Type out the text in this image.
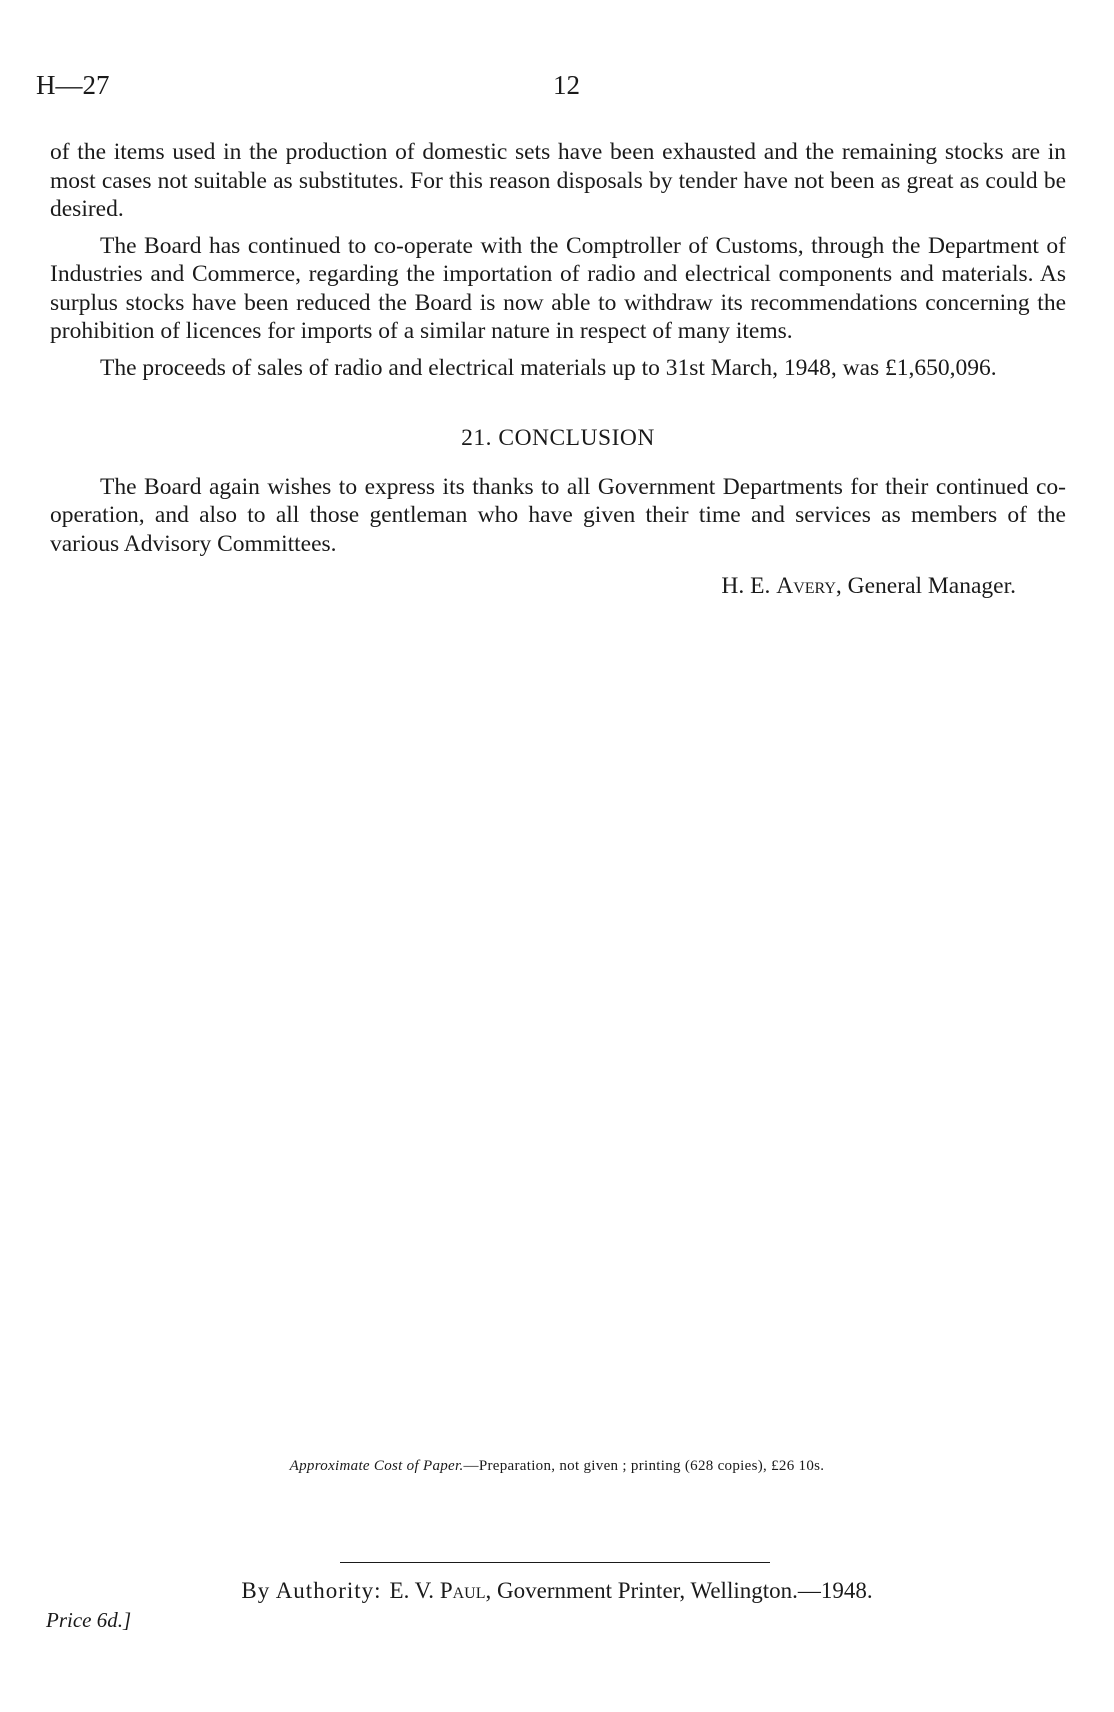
H—27	12

of the items used in the production of domestic sets have been exhausted and the remaining stocks are in most cases not suitable as substitutes. For this reason disposals by tender have not been as great as could be desired.

The Board has continued to co-operate with the Comptroller of Customs, through the Department of Industries and Commerce, regarding the importation of radio and electrical components and materials. As surplus stocks have been reduced the Board is now able to withdraw its recommendations concerning the prohibition of licences for imports of a similar nature in respect of many items.

The proceeds of sales of radio and electrical materials up to 31st March, 1948, was £1,650,096.

21. CONCLUSION

The Board again wishes to express its thanks to all Government Departments for their continued co-operation, and also to all those gentleman who have given their time and services as members of the various Advisory Committees.

H. E. Avery, General Manager.
Approximate Cost of Paper.—Preparation, not given ; printing (628 copies), £26 10s.
By Authority: E. V. Paul, Government Printer, Wellington.—1948.
Price 6d.]
